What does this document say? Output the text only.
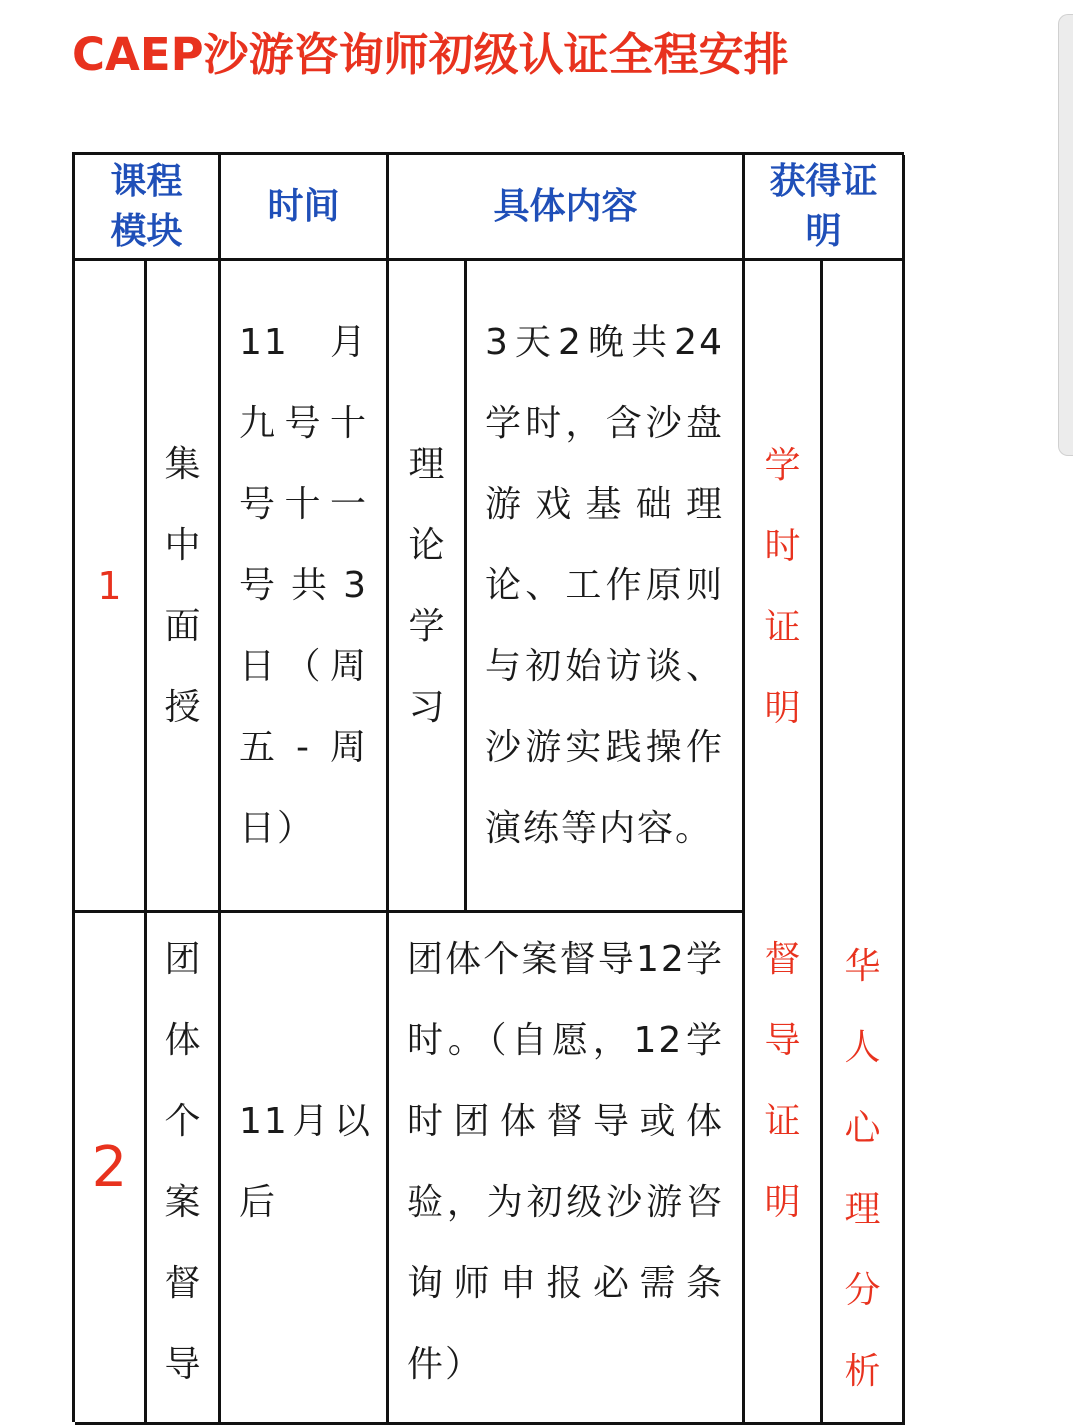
CAEP沙游咨询师初级认证全程安排
课程
模块
时间	具体内容
获得证
明
1
集中面授
11　月九号十号十一号共3日（周五-周日）
理论学习
3天2晚共24学时，含沙盘游戏基础理论、工作原则与初始访谈、沙游实践操作演练等内容。
学时证明
2
团体个案督导
11月以后
团体个案督导12学时。（自愿，12学时团体督导或体验，为初级沙游咨询师申报必需条件）
督导证明
华人心理分析
